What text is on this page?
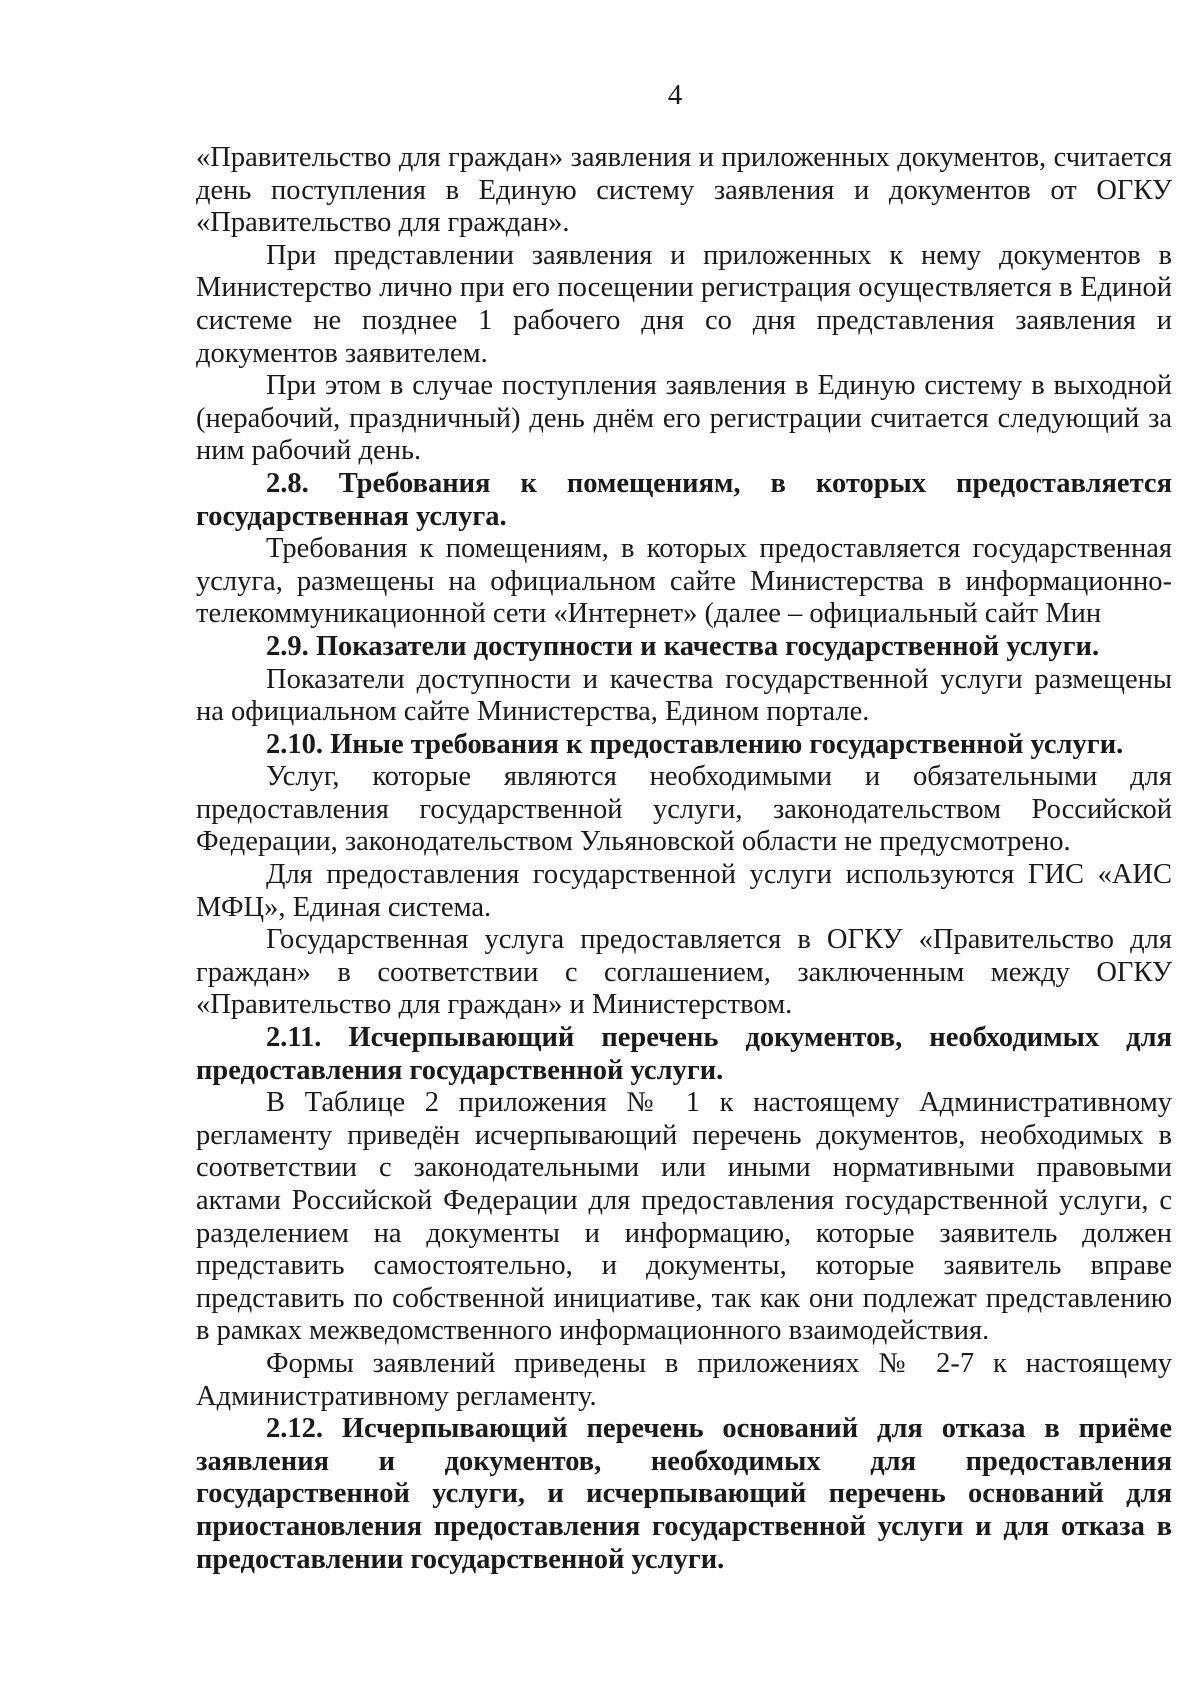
4

«Правительство для граждан» заявления и приложенных документов, считается день поступления в Единую систему заявления и документов от ОГКУ «Правительство для граждан».

При представлении заявления и приложенных к нему документов в Министерство лично при его посещении регистрация осуществляется в Единой системе не позднее 1 рабочего дня со дня представления заявления и документов заявителем.

При этом в случае поступления заявления в Единую систему в выходной (нерабочий, праздничный) день днём его регистрации считается следующий за ним рабочий день.

2.8. Требования к помещениям, в которых предоставляется государственная услуга.

Требования к помещениям, в которых предоставляется государственная услуга, размещены на официальном сайте Министерства в информационно-телекоммуникационной сети «Интернет» (далее – официальный сайт Мин

2.9. Показатели доступности и качества государственной услуги.

Показатели доступности и качества государственной услуги размещены на официальном сайте Министерства, Едином портале.

2.10. Иные требования к предоставлению государственной услуги.

Услуг, которые являются необходимыми и обязательными для предоставления государственной услуги, законодательством Российской Федерации, законодательством Ульяновской области не предусмотрено.

Для предоставления государственной услуги используются ГИС «АИС МФЦ», Единая система.

Государственная услуга предоставляется в ОГКУ «Правительство для граждан» в соответствии с соглашением, заключенным между ОГКУ «Правительство для граждан» и Министерством.

2.11. Исчерпывающий перечень документов, необходимых для предоставления государственной услуги.

В Таблице 2 приложения № 1 к настоящему Административному регламенту приведён исчерпывающий перечень документов, необходимых в соответствии с законодательными или иными нормативными правовыми актами Российской Федерации для предоставления государственной услуги, с разделением на документы и информацию, которые заявитель должен представить самостоятельно, и документы, которые заявитель вправе представить по собственной инициативе, так как они подлежат представлению в рамках межведомственного информационного взаимодействия.

Формы заявлений приведены в приложениях № 2-7 к настоящему Административному регламенту.

2.12. Исчерпывающий перечень оснований для отказа в приёме заявления и документов, необходимых для предоставления государственной услуги, и исчерпывающий перечень оснований для приостановления предоставления государственной услуги и для отказа в предоставлении государственной услуги.
